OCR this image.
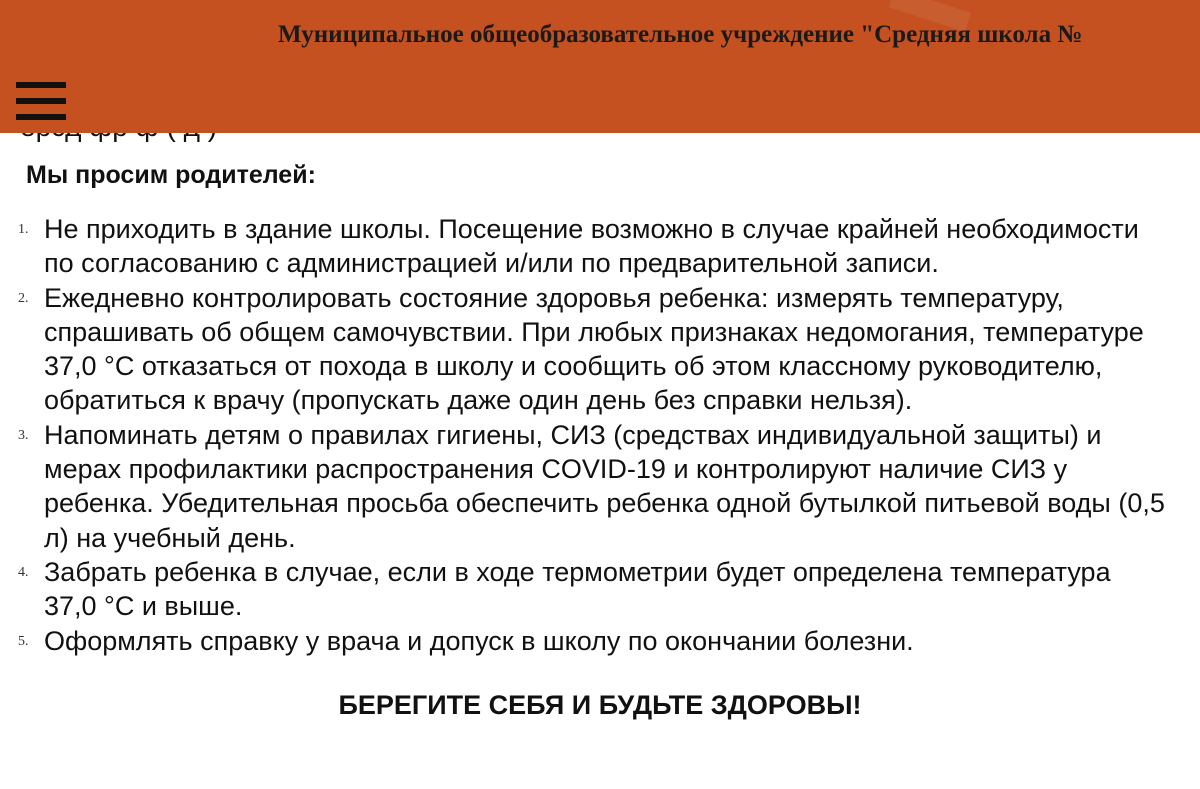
Муниципальное общеобразовательное учреждение "Средняя школа №
Мы просим родителей:
1. Не приходить в здание школы. Посещение возможно в случае крайней необходимости по согласованию с администрацией и/или по предварительной записи.
2. Ежедневно контролировать состояние здоровья ребенка: измерять температуру, спрашивать об общем самочувствии. При любых признаках недомогания, температуре 37,0 °С отказаться от похода в школу и сообщить об этом классному руководителю, обратиться к врачу (пропускать даже один день без справки нельзя).
3. Напоминать детям о правилах гигиены, СИЗ (средствах индивидуальной защиты) и мерах профилактики распространения COVID-19 и контролируют наличие СИЗ у ребенка. Убедительная просьба обеспечить ребенка одной бутылкой питьевой воды (0,5 л) на учебный день.
4. Забрать ребенка в случае, если в ходе термометрии будет определена температура 37,0 °С и выше.
5. Оформлять справку у врача и допуск в школу по окончании болезни.
БЕРЕГИТЕ СЕБЯ И БУДЬТЕ ЗДОРОВЫ!
